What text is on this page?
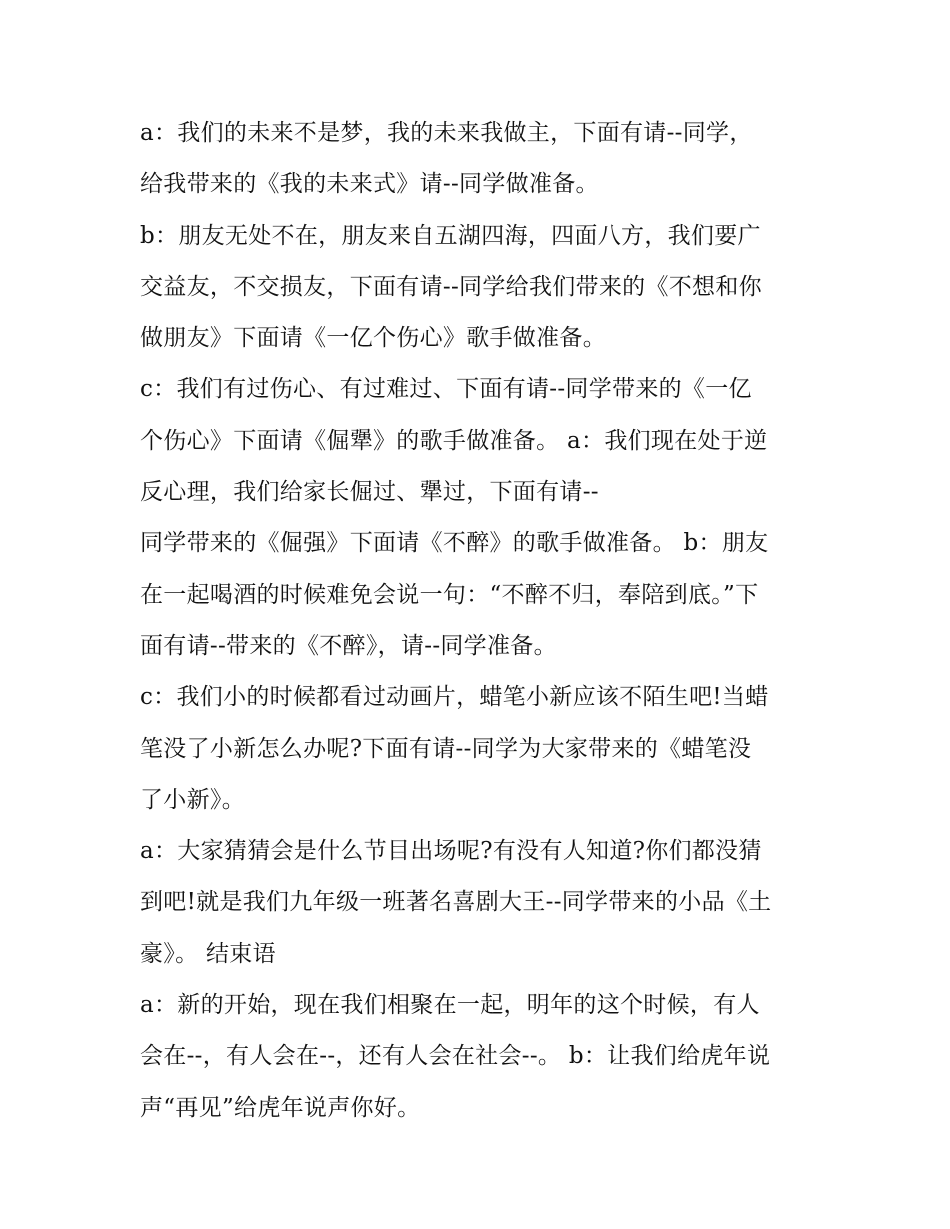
a：我们的未来不是梦，我的未来我做主，下面有请--同学，
给我带来的《我的未来式》请--同学做准备。
b：朋友无处不在，朋友来自五湖四海，四面八方，我们要广
交益友，不交损友，下面有请--同学给我们带来的《不想和你
做朋友》下面请《一亿个伤心》歌手做准备。
c：我们有过伤心、有过难过、下面有请--同学带来的《一亿
个伤心》下面请《倔犟》的歌手做准备。 a：我们现在处于逆
反心理，我们给家长倔过、犟过，下面有请--
同学带来的《倔强》下面请《不醉》的歌手做准备。 b：朋友
在一起喝酒的时候难免会说一句：“不醉不归，奉陪到底。”下
面有请--带来的《不醉》，请--同学准备。
c：我们小的时候都看过动画片，蜡笔小新应该不陌生吧!当蜡
笔没了小新怎么办呢?下面有请--同学为大家带来的《蜡笔没
了小新》。
a：大家猜猜会是什么节目出场呢?有没有人知道?你们都没猜
到吧!就是我们九年级一班著名喜剧大王--同学带来的小品《土
豪》。 结束语
a：新的开始，现在我们相聚在一起，明年的这个时候，有人
会在--，有人会在--，还有人会在社会--。 b：让我们给虎年说
声“再见”给虎年说声你好。
